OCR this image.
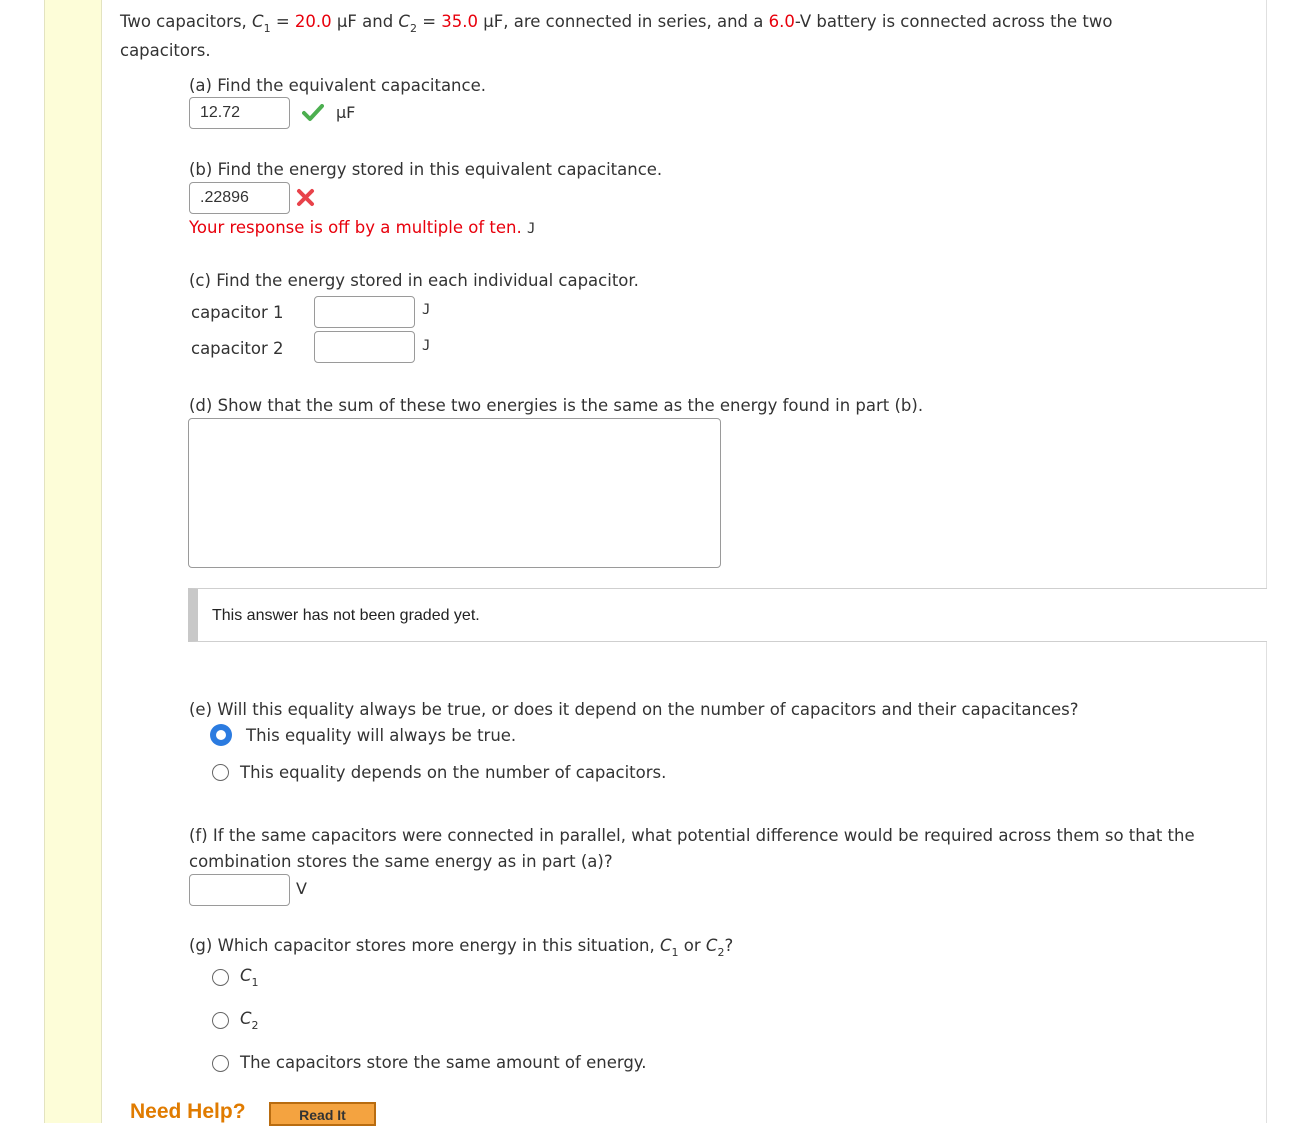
Two capacitors, $C_1 = 20.0$ µF and $C_2 = 35.0$ µF, are connected in series, and a 6.0-V battery is connected across the two
capacitors.
(a) Find the equivalent capacitance.
12.72	µF
(b) Find the energy stored in this equivalent capacitance.
.22896
Your response is off by a multiple of ten. J
(c) Find the energy stored in each individual capacitor.
capacitor 1	J
capacitor 2	J
(d) Show that the sum of these two energies is the same as the energy found in part (b).
This answer has not been graded yet.
(e) Will this equality always be true, or does it depend on the number of capacitors and their capacitances?
This equality will always be true.
This equality depends on the number of capacitors.
(f) If the same capacitors were connected in parallel, what potential difference would be required across them so that the
combination stores the same energy as in part (a)?
V
(g) Which capacitor stores more energy in this situation, $C_1$ or $C_2$?
$C_1$
$C_2$
The capacitors store the same amount of energy.
Need Help?	Read It
